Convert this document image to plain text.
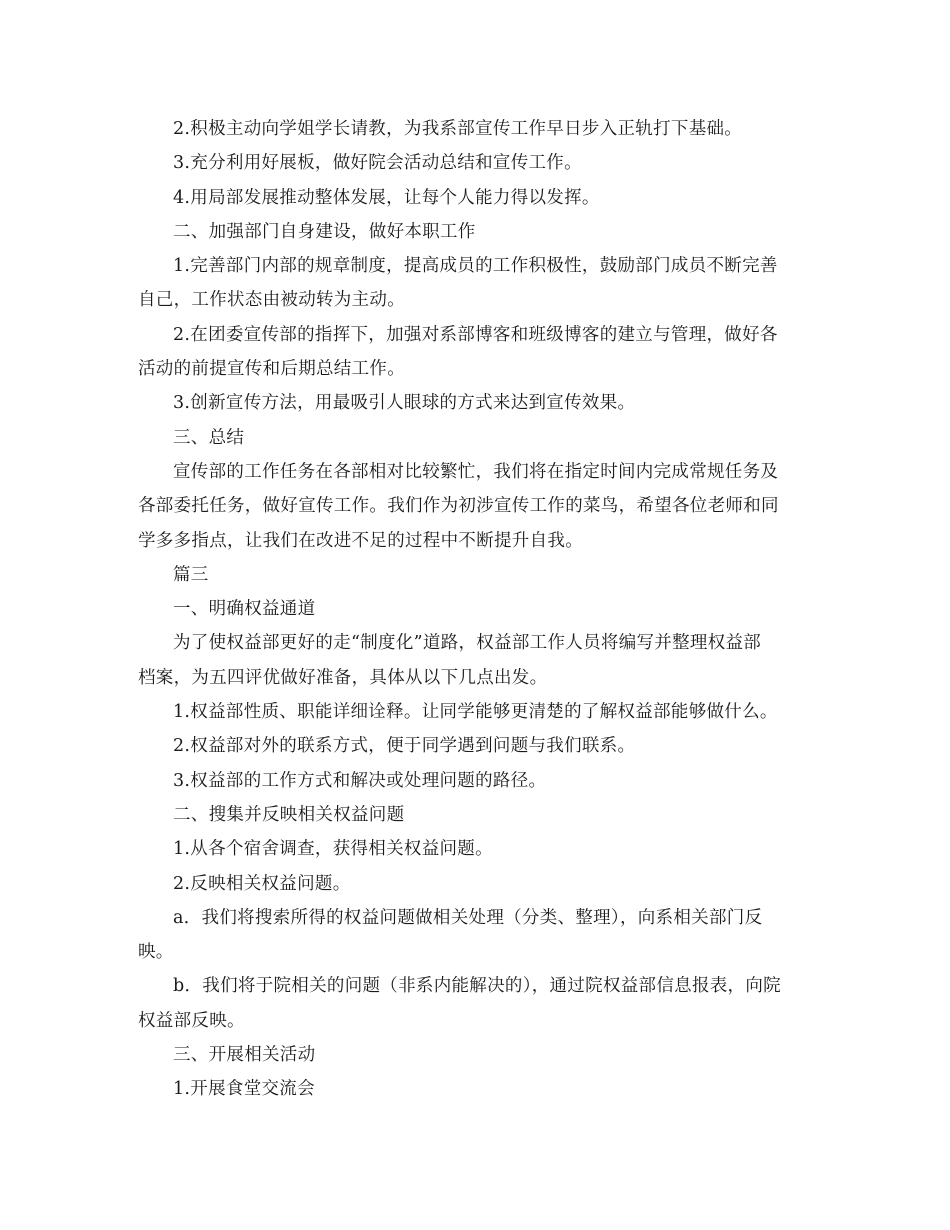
2.积极主动向学姐学长请教，为我系部宣传工作早日步入正轨打下基础。

3.充分利用好展板，做好院会活动总结和宣传工作。

4.用局部发展推动整体发展，让每个人能力得以发挥。

二、加强部门自身建设，做好本职工作

1.完善部门内部的规章制度，提高成员的工作积极性，鼓励部门成员不断完善
自己，工作状态由被动转为主动。

2.在团委宣传部的指挥下，加强对系部博客和班级博客的建立与管理，做好各
活动的前提宣传和后期总结工作。

3.创新宣传方法，用最吸引人眼球的方式来达到宣传效果。

三、总结

宣传部的工作任务在各部相对比较繁忙，我们将在指定时间内完成常规任务及
各部委托任务，做好宣传工作。我们作为初涉宣传工作的菜鸟，希望各位老师和同
学多多指点，让我们在改进不足的过程中不断提升自我。

篇三

一、明确权益通道

为了使权益部更好的走“制度化”道路，权益部工作人员将编写并整理权益部
档案，为五四评优做好准备，具体从以下几点出发。

1.权益部性质、职能详细诠释。让同学能够更清楚的了解权益部能够做什么。

2.权益部对外的联系方式，便于同学遇到问题与我们联系。

3.权益部的工作方式和解决或处理问题的路径。

二、搜集并反映相关权益问题

1.从各个宿舍调查，获得相关权益问题。

2.反映相关权益问题。

a．我们将搜索所得的权益问题做相关处理（分类、整理），向系相关部门反
映。

b．我们将于院相关的问题（非系内能解决的），通过院权益部信息报表，向院
权益部反映。

三、开展相关活动

1.开展食堂交流会
